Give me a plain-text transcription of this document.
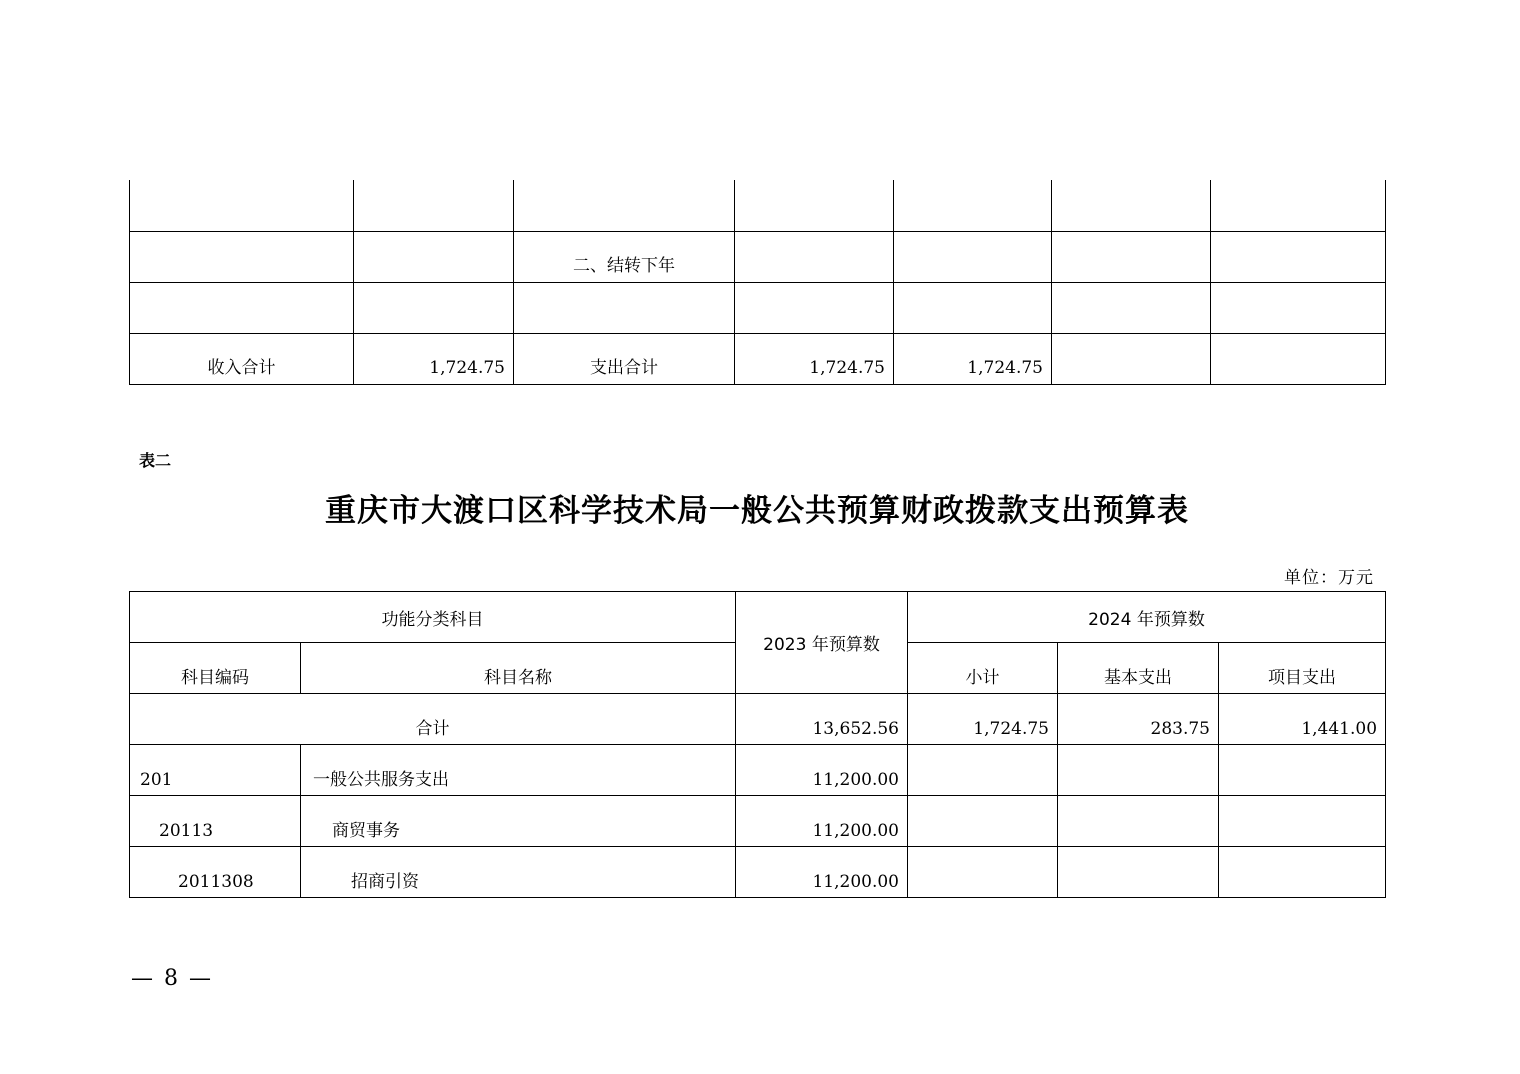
		二、结转下年				

收入合计	1,724.75	支出合计	1,724.75	1,724.75		
表二
重庆市大渡口区科学技术局一般公共预算财政拨款支出预算表
单位：万元
功能分类科目		2023 年预算数	2024 年预算数		
科目编码	科目名称		小计	基本支出	项目支出
合计		13,652.56	1,724.75	283.75	1,441.00
201	一般公共服务支出	11,200.00			
20113	商贸事务	11,200.00			
2011308	招商引资	11,200.00			
— 8 —
